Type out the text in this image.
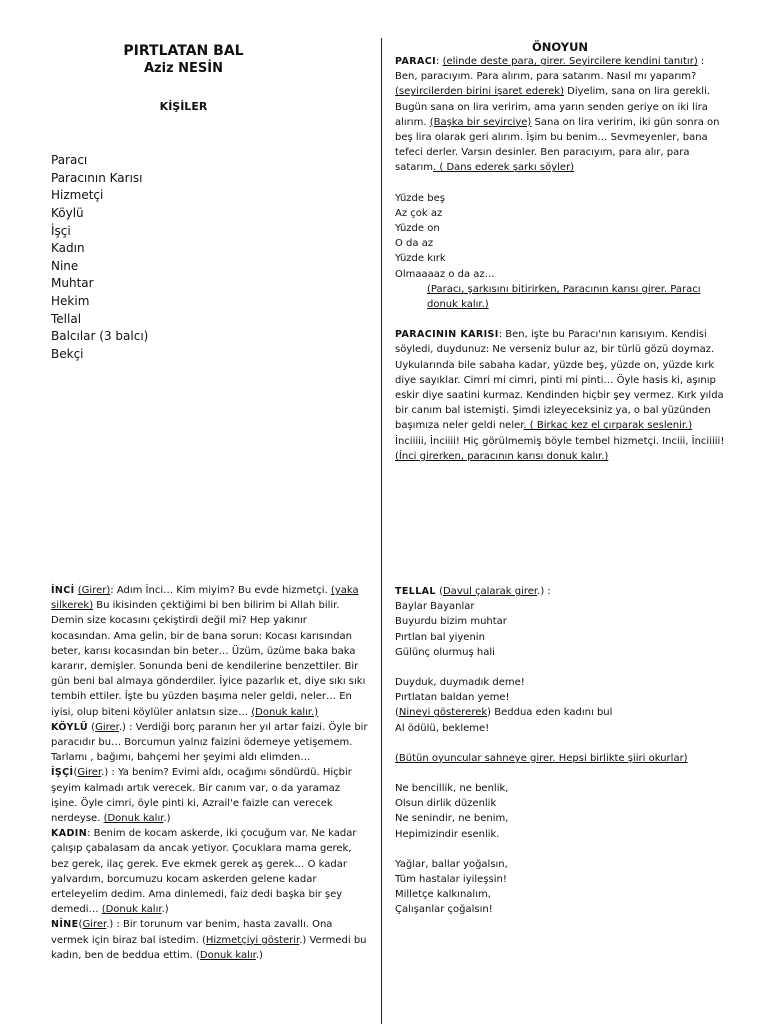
PIRTLATAN BAL
Aziz NESİN
KİŞİLER
Paracı
Paracının Karısı
Hizmetçi
Köylü
İşçi
Kadın
Nine
Muhtar
Hekim
Tellal
Balcılar (3 balcı)
Bekçi
ÖNOYUN

PARACI: (elinde deste para, girer. Seyircilere kendini tanıtır) : Ben, paracıyım. Para alırım, para satarım. Nasıl mı yaparım? (seyircilerden birini işaret ederek) Diyelim, sana on lira gerekli. Bugün sana on lira veririm, ama yarın senden geriye on iki lira alırım. (Başka bir seyirciye) Sana on lira veririm, iki gün sonra on beş lira olarak geri alırım. İşim bu benim… Sevmeyenler, bana tefeci derler. Varsın desinler. Ben paracıyım, para alır, para satarım. ( Dans ederek şarkı söyler)

Yüzde beş

Az çok az

Yüzde on

O da az

Yüzde kırk

Olmaaaaz o da az…

(Paracı, şarkısını bitirirken, Paracının karısı girer. Paracı donuk kalır.)

PARACININ KARISI: Ben, işte bu Paracı'nın karısıyım. Kendisi söyledi, duydunuz: Ne verseniz bulur az, bir türlü gözü doymaz. Uykularında bile sabaha kadar, yüzde beş, yüzde on, yüzde kırk diye sayıklar. Cimri mi cimri, pinti mi pinti… Öyle hasis ki, aşınıp eskir diye saatini kurmaz. Kendinden hiçbir şey vermez. Kırk yılda bir canım bal istemişti. Şimdi izleyeceksiniz ya, o bal yüzünden başımıza neler geldi neler. ( Birkaç kez el çırparak seslenir.) İnciiiii, İnciiii! Hiç görülmemiş böyle tembel hizmetçi. Inciii, İnciiiii!

(İnci girerken, paracının karısı donuk kalır.)

İNCİ (Girer): Adım İnci… Kim miyim? Bu evde hizmetçi. (yaka silkerek) Bu ikisinden çektiğimi bi ben bilirim bi Allah bilir. Demin size kocasını çekiştirdi değil mi? Hep yakınır kocasından. Ama gelin, bir de bana sorun: Kocası karısından beter, karısı kocasından bin beter… Üzüm, üzüme baka baka kararır, demişler. Sonunda beni de kendilerine benzettiler. Bir gün beni bal almaya gönderdiler. İyice pazarlık et, diye sıkı sıkı tembih ettiler. İşte bu yüzden başıma neler geldi, neler… En iyisi, olup biteni köylüler anlatsın size… (Donuk kalır.)

KÖYLÜ (Girer.) : Verdiği borç paranın her yıl artar faizi. Öyle bir paracıdır bu… Borcumun yalnız faizini ödemeye yetişemem. Tarlamı , bağımı, bahçemi her şeyimi aldı elimden…

İŞÇİ(Girer.) : Ya benim? Evimi aldı, ocağımı söndürdü. Hiçbir şeyim kalmadı artık verecek. Bir canım var, o da yaramaz işine. Öyle cimri, öyle pinti ki, Azrail'e faizle can verecek nerdeyse. (Donuk kalır.)

KADIN: Benim de kocam askerde, iki çocuğum var. Ne kadar çalışıp çabalasam da ancak yetiyor. Çocuklara mama gerek, bez gerek, ilaç gerek. Eve ekmek gerek aş gerek… O kadar yalvardım, borcumuzu kocam askerden gelene kadar erteleyelim dedim. Ama dinlemedi, faiz dedi başka bir şey demedi… (Donuk kalır.)

NİNE(Girer.) : Bir torunum var benim, hasta zavallı. Ona vermek için biraz bal istedim. (Hizmetçiyi gösterir.) Vermedi bu kadın, ben de beddua ettim. (Donuk kalır.)

TELLAL (Davul çalarak girer.) :

Baylar Bayanlar

Buyurdu bizim muhtar

Pırtlan bal yiyenin

Gülünç olurmuş hali

Duyduk, duymadık deme!

Pırtlatan baldan yeme!

(Nineyi göstererek) Beddua eden kadını bul

Al ödülü, bekleme!

(Bütün oyuncular sahneye girer. Hepsi birlikte şiiri okurlar)

Ne bencillik, ne benlik,

Olsun dirlik düzenlik

Ne senindir, ne benim,

Hepimizindir esenlik.

Yağlar, ballar yoğalsın,

Tüm hastalar iyileşsin!

Milletçe kalkınalım,

Çalışanlar çoğalsın!
